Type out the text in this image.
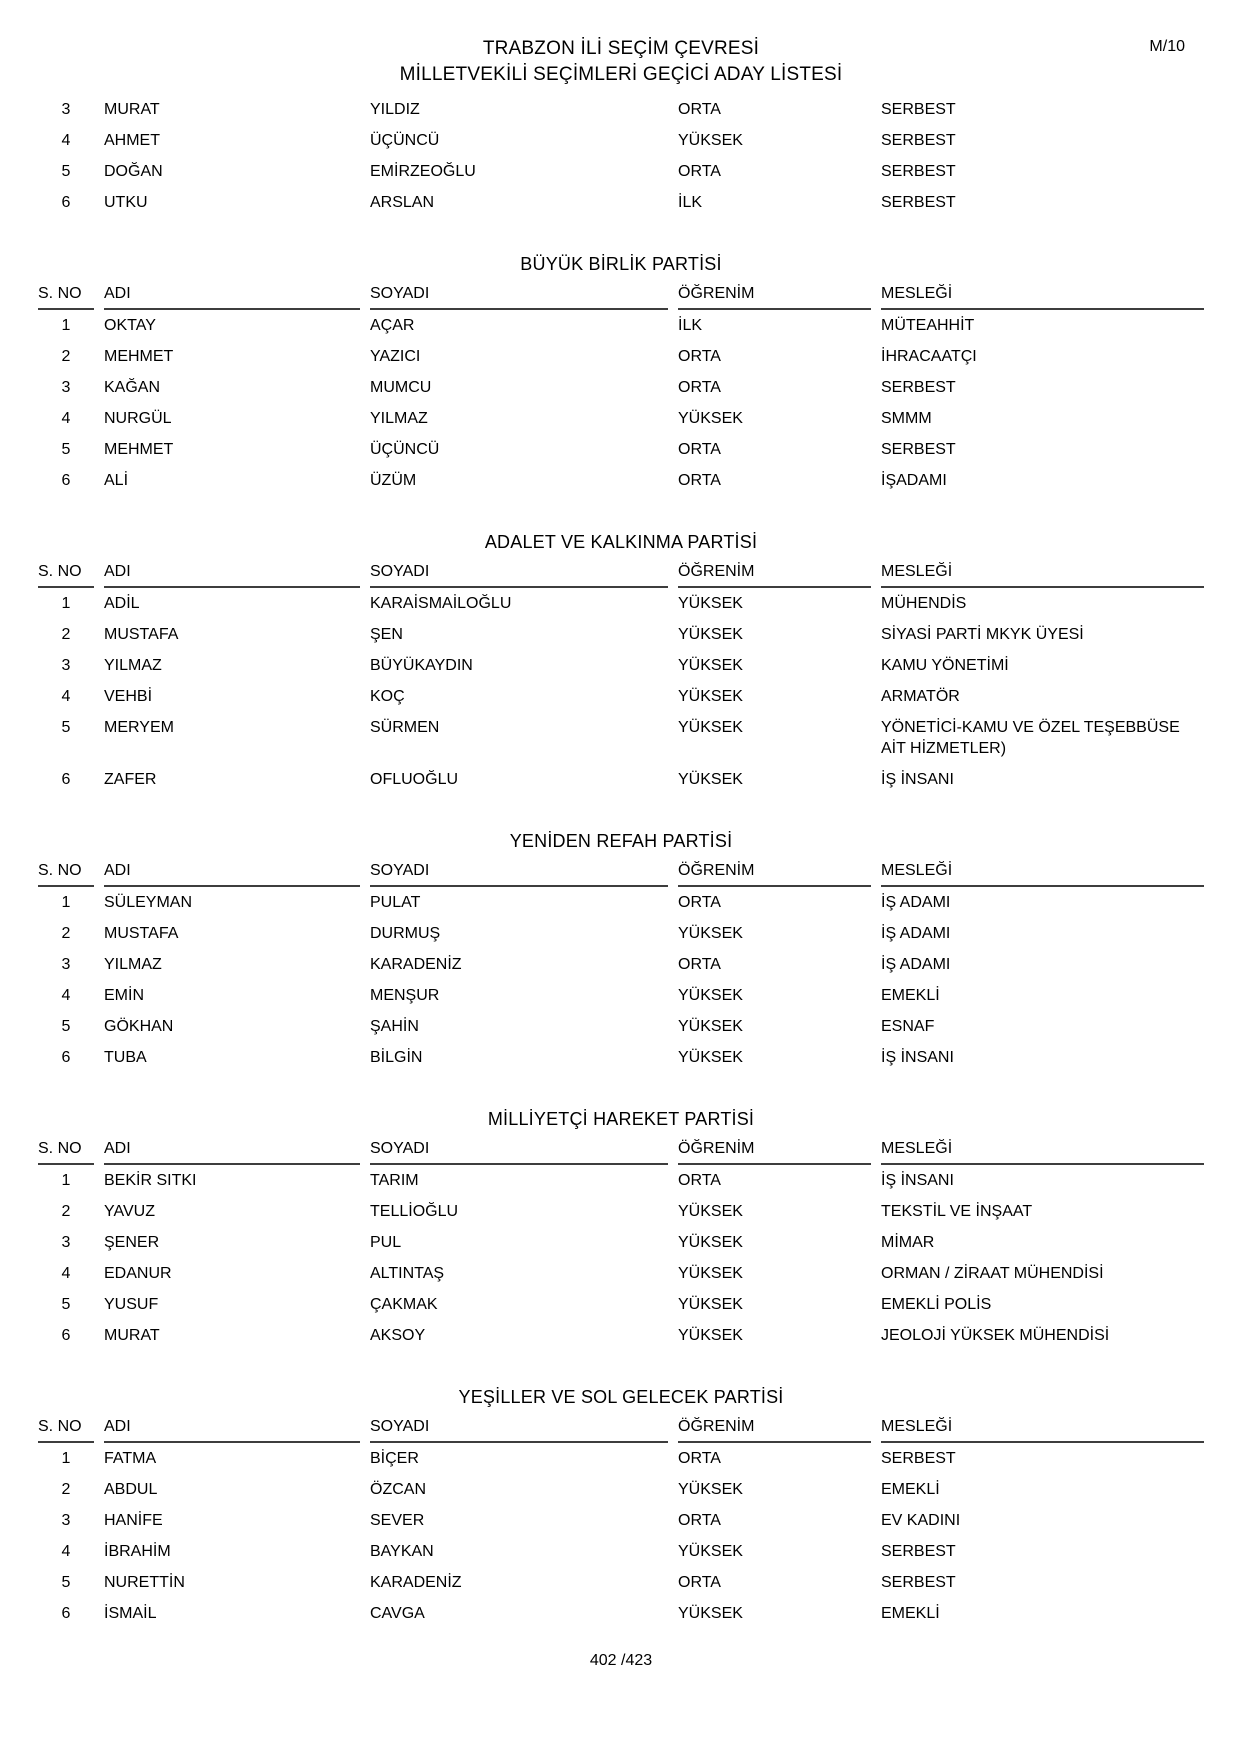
M/10
TRABZON İLİ SEÇİM ÇEVRESİ
MİLLETVEKİLİ SEÇİMLERİ GEÇİCİ ADAY LİSTESİ
3	MURAT	YILDIZ	ORTA	SERBEST
4	AHMET	ÜÇÜNCÜ	YÜKSEK	SERBEST
5	DOĞAN	EMİRZEOĞLU	ORTA	SERBEST
6	UTKU	ARSLAN	İLK	SERBEST
BÜYÜK BİRLİK PARTİSİ
S. NO	ADI	SOYADI	ÖĞRENİM	MESLEĞİ
1	OKTAY	AÇAR	İLK	MÜTEAHHİT
2	MEHMET	YAZICI	ORTA	İHRACAATÇI
3	KAĞAN	MUMCU	ORTA	SERBEST
4	NURGÜL	YILMAZ	YÜKSEK	SMMM
5	MEHMET	ÜÇÜNCÜ	ORTA	SERBEST
6	ALİ	ÜZÜM	ORTA	İŞADAMI
ADALET VE KALKINMA PARTİSİ
S. NO	ADI	SOYADI	ÖĞRENİM	MESLEĞİ
1	ADİL	KARAİSMAİLOĞLU	YÜKSEK	MÜHENDİS
2	MUSTAFA	ŞEN	YÜKSEK	SİYASİ PARTİ MKYK ÜYESİ
3	YILMAZ	BÜYÜKAYDIN	YÜKSEK	KAMU YÖNETİMİ
4	VEHBİ	KOÇ	YÜKSEK	ARMATÖR
5	MERYEM	SÜRMEN	YÜKSEK	YÖNETİCİ-KAMU VE ÖZEL TEŞEBBÜSE AİT HİZMETLER)
6	ZAFER	OFLUOĞLU	YÜKSEK	İŞ İNSANI
YENİDEN REFAH PARTİSİ
S. NO	ADI	SOYADI	ÖĞRENİM	MESLEĞİ
1	SÜLEYMAN	PULAT	ORTA	İŞ ADAMI
2	MUSTAFA	DURMUŞ	YÜKSEK	İŞ ADAMI
3	YILMAZ	KARADENİZ	ORTA	İŞ ADAMI
4	EMİN	MENŞUR	YÜKSEK	EMEKLİ
5	GÖKHAN	ŞAHİN	YÜKSEK	ESNAF
6	TUBA	BİLGİN	YÜKSEK	İŞ İNSANI
MİLLİYETÇİ HAREKET PARTİSİ
S. NO	ADI	SOYADI	ÖĞRENİM	MESLEĞİ
1	BEKİR SITKI	TARIM	ORTA	İŞ İNSANI
2	YAVUZ	TELLİOĞLU	YÜKSEK	TEKSTİL VE İNŞAAT
3	ŞENER	PUL	YÜKSEK	MİMAR
4	EDANUR	ALTINTAŞ	YÜKSEK	ORMAN / ZİRAAT MÜHENDİSİ
5	YUSUF	ÇAKMAK	YÜKSEK	EMEKLİ POLİS
6	MURAT	AKSOY	YÜKSEK	JEOLOJİ YÜKSEK MÜHENDİSİ
YEŞİLLER VE SOL GELECEK PARTİSİ
S. NO	ADI	SOYADI	ÖĞRENİM	MESLEĞİ
1	FATMA	BİÇER	ORTA	SERBEST
2	ABDUL	ÖZCAN	YÜKSEK	EMEKLİ
3	HANİFE	SEVER	ORTA	EV KADINI
4	İBRAHİM	BAYKAN	YÜKSEK	SERBEST
5	NURETTİN	KARADENİZ	ORTA	SERBEST
6	İSMAİL	CAVGA	YÜKSEK	EMEKLİ
402 /423
